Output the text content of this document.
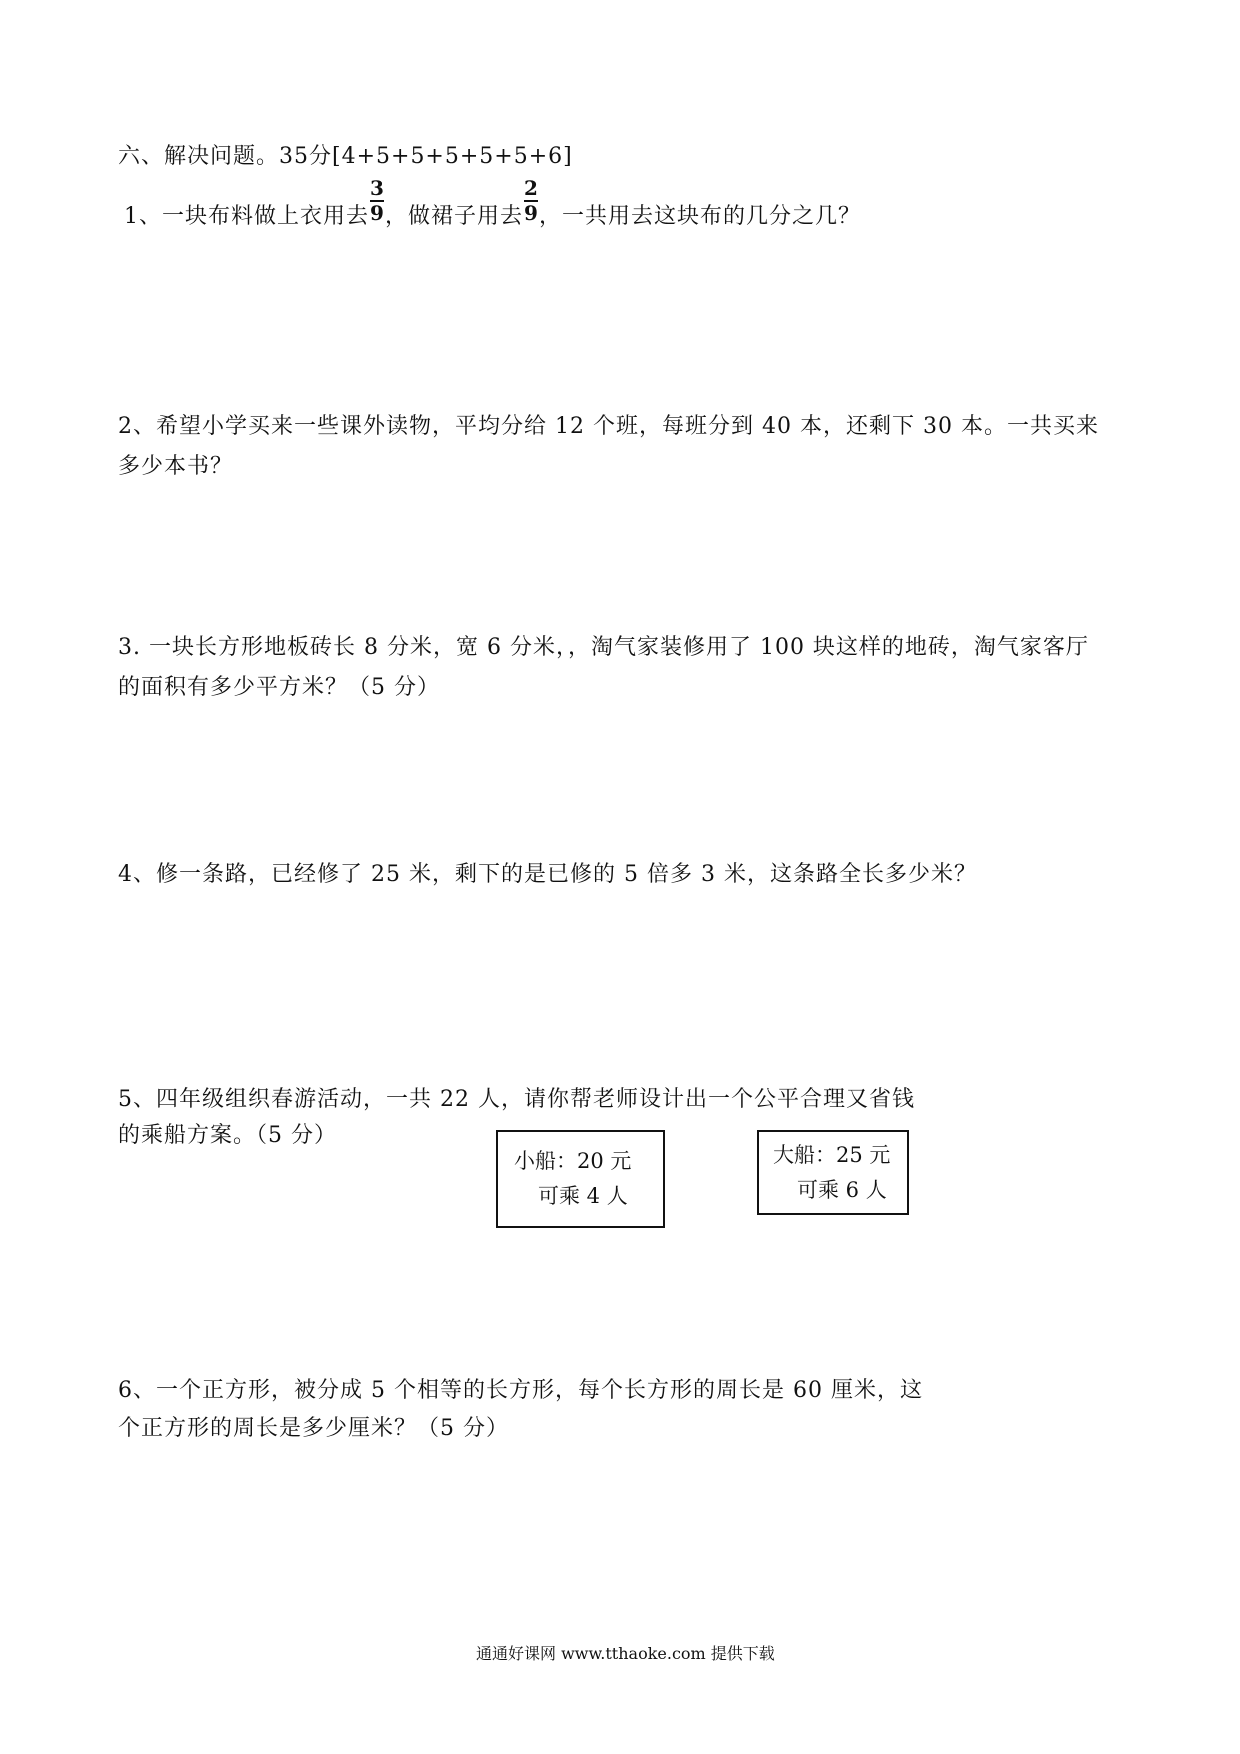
六、解决问题。35分[4+5+5+5+5+5+6]
1、一块布料做上衣用去 $\frac{3}{9}$ ，做裙子用去 $\frac{2}{9}$ ，一共用去这块布的几分之几？
2、希望小学买来一些课外读物，平均分给 12 个班，每班分到 40 本，还剩下 30 本。一共买来
多少本书？
3. 一块长方形地板砖长 8 分米，宽 6 分米，，淘气家装修用了 100 块这样的地砖，淘气家客厅
的面积有多少平方米？（5 分）
4、修一条路，已经修了 25 米，剩下的是已修的 5 倍多 3 米，这条路全长多少米？
5、四年级组织春游活动，一共 22 人，请你帮老师设计出一个公平合理又省钱
的乘船方案。（5 分）
小船：20 元
可乘 4 人
大船：25 元
可乘 6 人
6、一个正方形，被分成 5 个相等的长方形，每个长方形的周长是 60 厘米，这
个正方形的周长是多少厘米？（5 分）
通通好课网 www.tthaoke.com 提供下载
